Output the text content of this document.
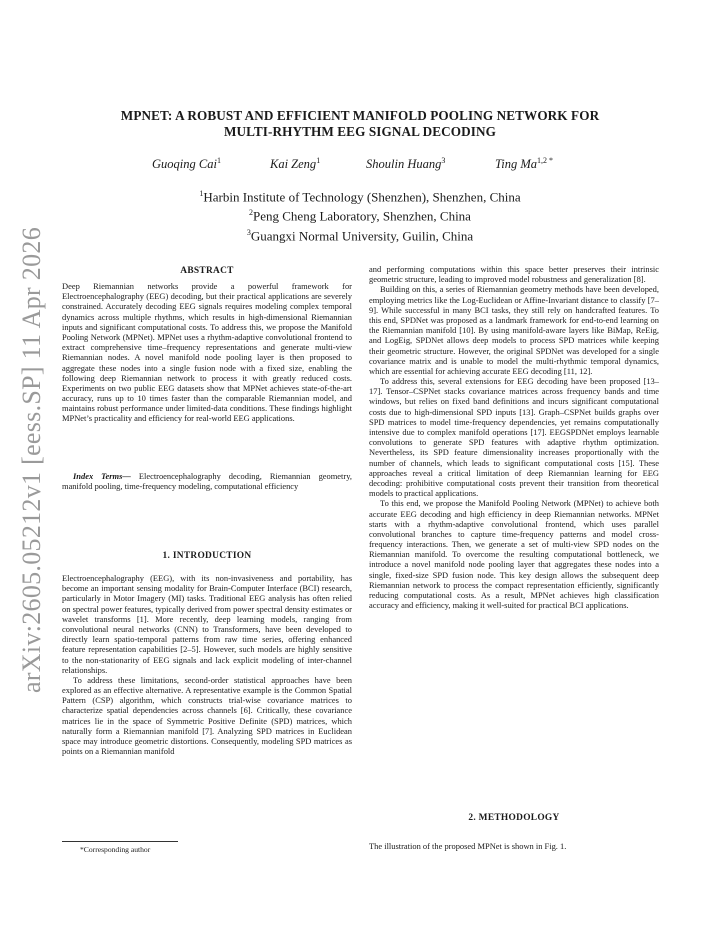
arXiv:2605.05212v1 [eess.SP] 11 Apr 2026
MPNET: A ROBUST AND EFFICIENT MANIFOLD POOLING NETWORK FOR
MULTI-RHYTHM EEG SIGNAL DECODING
Guoqing Cai$^1$	Kai Zeng$^1$	Shoulin Huang$^3$	Ting $Ma^{1,2 *}$
$^1$Harbin Institute of Technology (Shenzhen), Shenzhen, China
$^2$Peng Cheng Laboratory, Shenzhen, China
$^3$Guangxi Normal University, Guilin, China
ABSTRACT

Deep Riemannian networks provide a powerful framework for Electroencephalography (EEG) decoding, but their practical applications are severely constrained. Accurately decoding EEG signals requires modeling complex temporal dynamics across multiple rhythms, which results in high-dimensional Riemannian inputs and significant computational costs. To address this, we propose the Manifold Pooling Network (MPNet). MPNet uses a rhythm-adaptive convolutional frontend to extract comprehensive time–frequency representations and generate multi-view Riemannian nodes. A novel manifold node pooling layer is then proposed to aggregate these nodes into a single fusion node with a fixed size, enabling the following deep Riemannian network to process it with greatly reduced costs. Experiments on two public EEG datasets show that MPNet achieves state-of-the-art accuracy, runs up to 10 times faster than the comparable Riemannian model, and maintains robust performance under limited-data conditions. These findings highlight MPNet’s practicality and efficiency for real-world EEG applications.

Index Terms— Electroencephalography decoding, Riemannian geometry, manifold pooling, time-frequency modeling, computational efficiency
1. INTRODUCTION

Electroencephalography (EEG), with its non-invasiveness and portability, has become an important sensing modality for Brain-Computer Interface (BCI) research, particularly in Motor Imagery (MI) tasks. Traditional EEG analysis has often relied on spectral power features, typically derived from power spectral density estimates or wavelet transforms [1]. More recently, deep learning models, ranging from convolutional neural networks (CNN) to Transformers, have been developed to directly learn spatio-temporal patterns from raw time series, offering enhanced feature representation capabilities [2–5]. However, such models are highly sensitive to the non-stationarity of EEG signals and lack explicit modeling of inter-channel relationships.

To address these limitations, second-order statistical approaches have been explored as an effective alternative. A representative example is the Common Spatial Pattern (CSP) algorithm, which constructs trial-wise covariance matrices to characterize spatial dependencies across channels [6]. Critically, these covariance matrices lie in the space of Symmetric Positive Definite (SPD) matrices, which naturally form a Riemannian manifold [7]. Analyzing SPD matrices in Euclidean space may introduce geometric distortions. Consequently, modeling SPD matrices as points on a Riemannian manifold

*Corresponding author

and performing computations within this space better preserves their intrinsic geometric structure, leading to improved model robustness and generalization [8].

Building on this, a series of Riemannian geometry methods have been developed, employing metrics like the Log-Euclidean or Affine-Invariant distance to classify [7–9]. While successful in many BCI tasks, they still rely on handcrafted features. To this end, SPDNet was proposed as a landmark framework for end-to-end learning on the Riemannian manifold [10]. By using manifold-aware layers like BiMap, ReEig, and LogEig, SPDNet allows deep models to process SPD matrices while keeping their geometric structure. However, the original SPDNet was developed for a single covariance matrix and is unable to model the multi-rhythmic temporal dynamics, which are essential for achieving accurate EEG decoding [11, 12].

To address this, several extensions for EEG decoding have been proposed [13–17]. Tensor–CSPNet stacks covariance matrices across frequency bands and time windows, but relies on fixed band definitions and incurs significant computational costs due to high-dimensional SPD inputs [13]. Graph–CSPNet builds graphs over SPD matrices to model time-frequency dependencies, yet remains computationally intensive due to complex manifold operations [17]. EEGSPDNet employs learnable convolutions to generate SPD features with adaptive rhythm optimization. Nevertheless, its SPD feature dimensionality increases proportionally with the number of channels, which leads to significant computational costs [15]. These approaches reveal a critical limitation of deep Riemannian learning for EEG decoding: prohibitive computational costs prevent their transition from theoretical models to practical applications.

To this end, we propose the Manifold Pooling Network (MPNet) to achieve both accurate EEG decoding and high efficiency in deep Riemannian networks. MPNet starts with a rhythm-adaptive convolutional frontend, which uses parallel convolutional branches to capture time-frequency patterns and model cross-frequency interactions. Then, we generate a set of multi-view SPD nodes on the Riemannian manifold. To overcome the resulting computational bottleneck, we introduce a novel manifold node pooling layer that aggregates these nodes into a single, fixed-size SPD fusion node. This key design allows the subsequent deep Riemannian network to process the compact representation efficiently, significantly reducing computational costs. As a result, MPNet achieves high classification accuracy and efficiency, making it well-suited for practical BCI applications.

2. METHODOLOGY

The illustration of the proposed MPNet is shown in Fig. 1.
